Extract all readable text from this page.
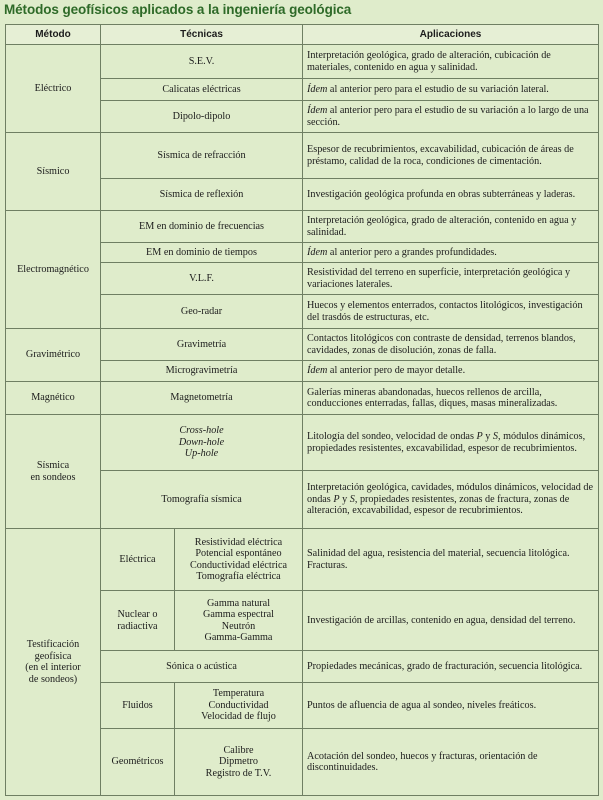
Métodos geofísicos aplicados a la ingeniería geológica
Método	Técnicas		Aplicaciones
Eléctrico	S.E.V.		Interpretación geológica, grado de alteración, cubicación de materiales, contenido en agua y salinidad.
	Calicatas eléctricas		Ídem al anterior pero para el estudio de su variación lateral.
	Dipolo-dipolo		Ídem al anterior pero para el estudio de su variación a lo largo de una sección.
Sísmico	Sísmica de refracción		Espesor de recubrimientos, excavabilidad, cubicación de áreas de préstamo, calidad de la roca, condiciones de cimentación.
	Sísmica de reflexión		Investigación geológica profunda en obras subterráneas y laderas.
Electromagnético	EM en dominio de frecuencias		Interpretación geológica, grado de alteración, contenido en agua y salinidad.
	EM en dominio de tiempos		Ídem al anterior pero a grandes profundidades.
	V.L.F.		Resistividad del terreno en superficie, interpretación geológica y variaciones laterales.
	Geo-radar		Huecos y elementos enterrados, contactos litológicos, investigación del trasdós de estructuras, etc.
Gravimétrico	Gravimetría		Contactos litológicos con contraste de densidad, terrenos blandos, cavidades, zonas de disolución, zonas de falla.
	Microgravimetría		Ídem al anterior pero de mayor detalle.
Magnético	Magnetometría		Galerías mineras abandonadas, huecos rellenos de arcilla, conducciones enterradas, fallas, diques, masas mineralizadas.

Sísmica
en sondeos	Cross-hole
Down-hole
Up-hole		Litología del sondeo, velocidad de ondas P y S, módulos dinámicos, propiedades resistentes, excavabilidad, espesor de recubrimientos.
	Tomografía sísmica		Interpretación geológica, cavidades, módulos dinámicos, velocidad de ondas P y S, propiedades resistentes, zonas de fractura, zonas de alteración, excavabilidad, espesor de recubrimientos.

Testificación
geofísica
(en el interior
de sondeos)	Eléctrica	Resistividad eléctrica
Potencial espontáneo
Conductividad eléctrica
Tomografía eléctrica	Salinidad del agua, resistencia del material, secuencia litológica. Fracturas.

	Nuclear o
radiactiva	Gamma natural
Gamma espectral
Neutrón
Gamma-Gamma	Investigación de arcillas, contenido en agua, densidad del terreno.
	Sónica o acústica		Propiedades mecánicas, grado de fracturación, secuencia litológica.
	Fluidos	Temperatura
Conductividad
Velocidad de flujo	Puntos de afluencia de agua al sondeo, niveles freáticos.
	Geométricos	Calibre
Dipmetro
Registro de T.V.	Acotación del sondeo, huecos y fracturas, orientación de discontinuidades.
